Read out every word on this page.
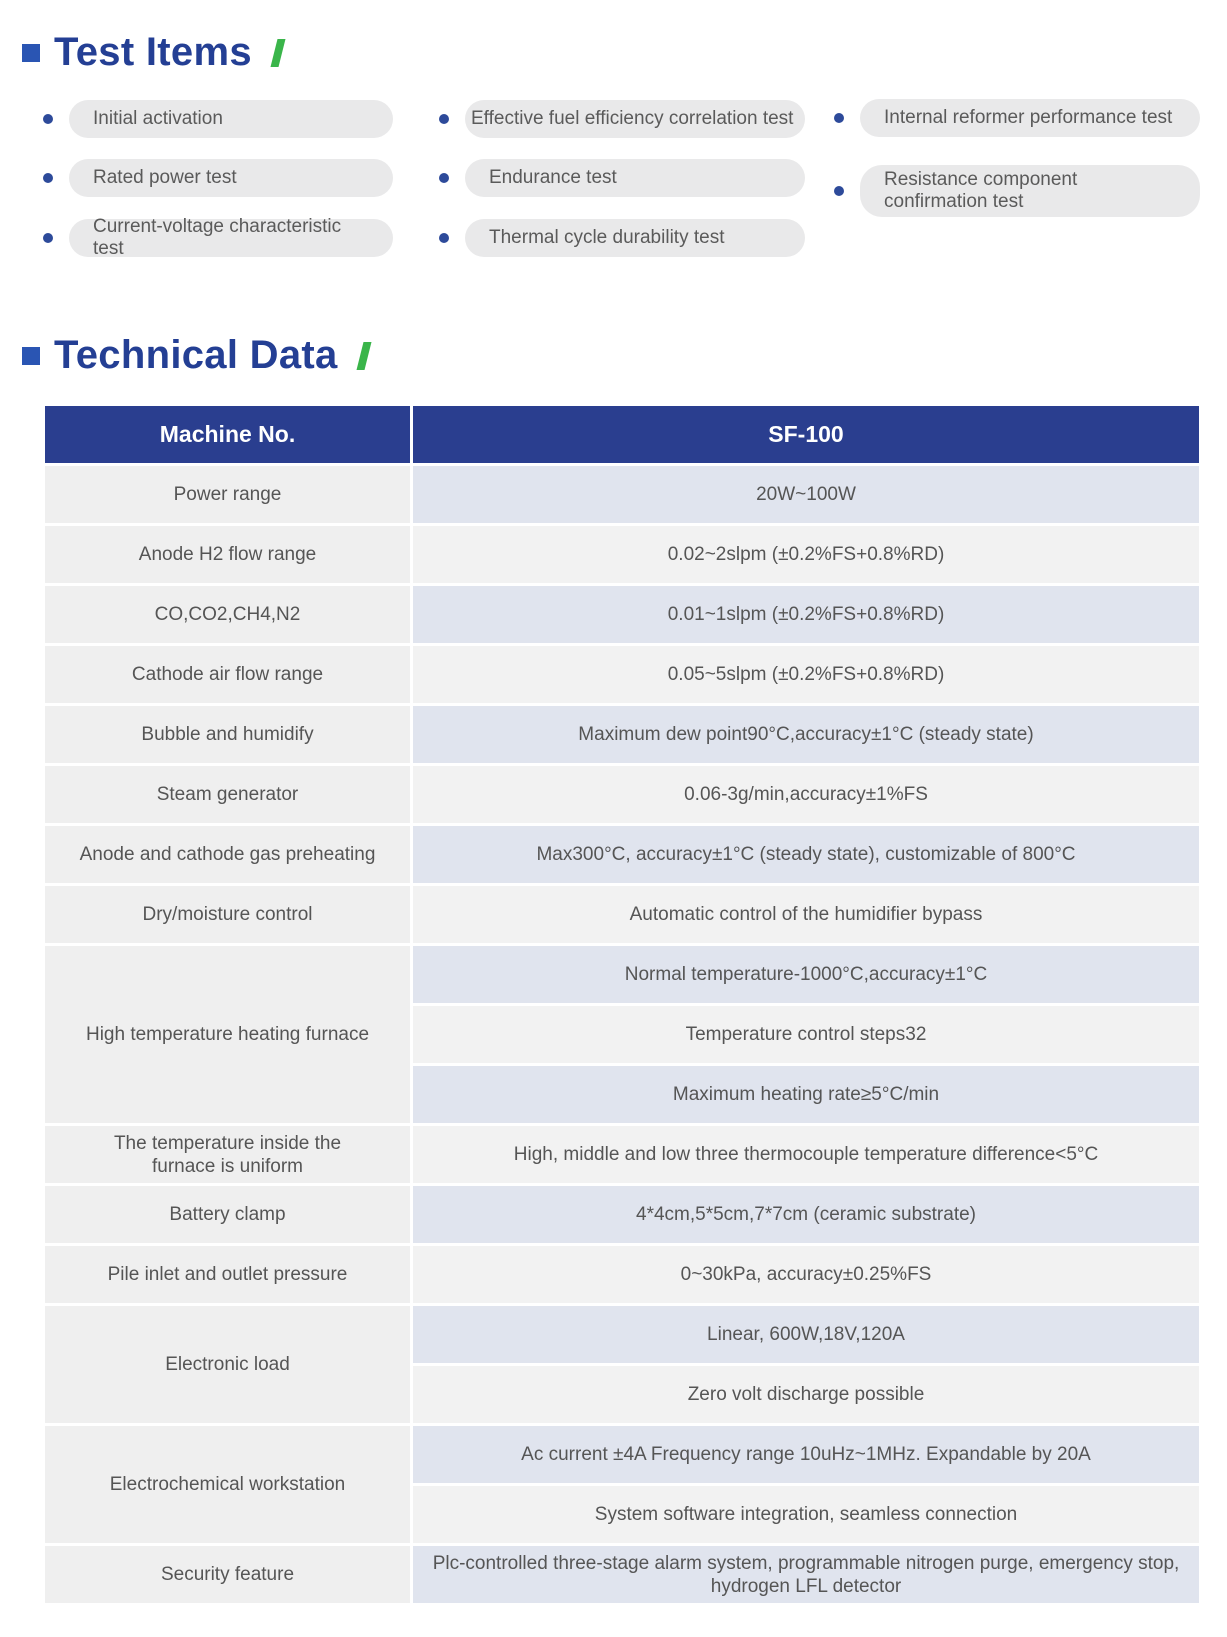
Test Items
Initial activation
Rated power test
Current-voltage characteristic test
Effective fuel efficiency correlation test
Endurance test
Thermal cycle durability test
Internal reformer performance test
Resistance component confirmation test
Technical Data
Machine No.	SF-100
Power range	20W~100W
Anode H2 flow range	0.02~2slpm (±0.2%FS+0.8%RD)
CO,CO2,CH4,N2	0.01~1slpm (±0.2%FS+0.8%RD)
Cathode air flow range	0.05~5slpm (±0.2%FS+0.8%RD)
Bubble and humidify	Maximum dew point90°C,accuracy±1°C (steady state)
Steam generator	0.06-3g/min,accuracy±1%FS
Anode and cathode gas preheating	Max300°C, accuracy±1°C (steady state), customizable of 800°C
Dry/moisture control	Automatic control of the humidifier bypass
High temperature heating furnace	Normal temperature-1000°C,accuracy±1°C
	Temperature control steps32
	Maximum heating rate≥5°C/min
The temperature inside the furnace is uniform	High, middle and low three thermocouple temperature difference<5°C
Battery clamp	4*4cm,5*5cm,7*7cm (ceramic substrate)
Pile inlet and outlet pressure	0~30kPa, accuracy±0.25%FS
Electronic load	Linear, 600W,18V,120A
	Zero volt discharge possible
Electrochemical workstation	Ac current ±4A Frequency range 10uHz~1MHz. Expandable by 20A
	System software integration, seamless connection
Security feature	Plc-controlled three-stage alarm system, programmable nitrogen purge, emergency stop, hydrogen LFL detector
